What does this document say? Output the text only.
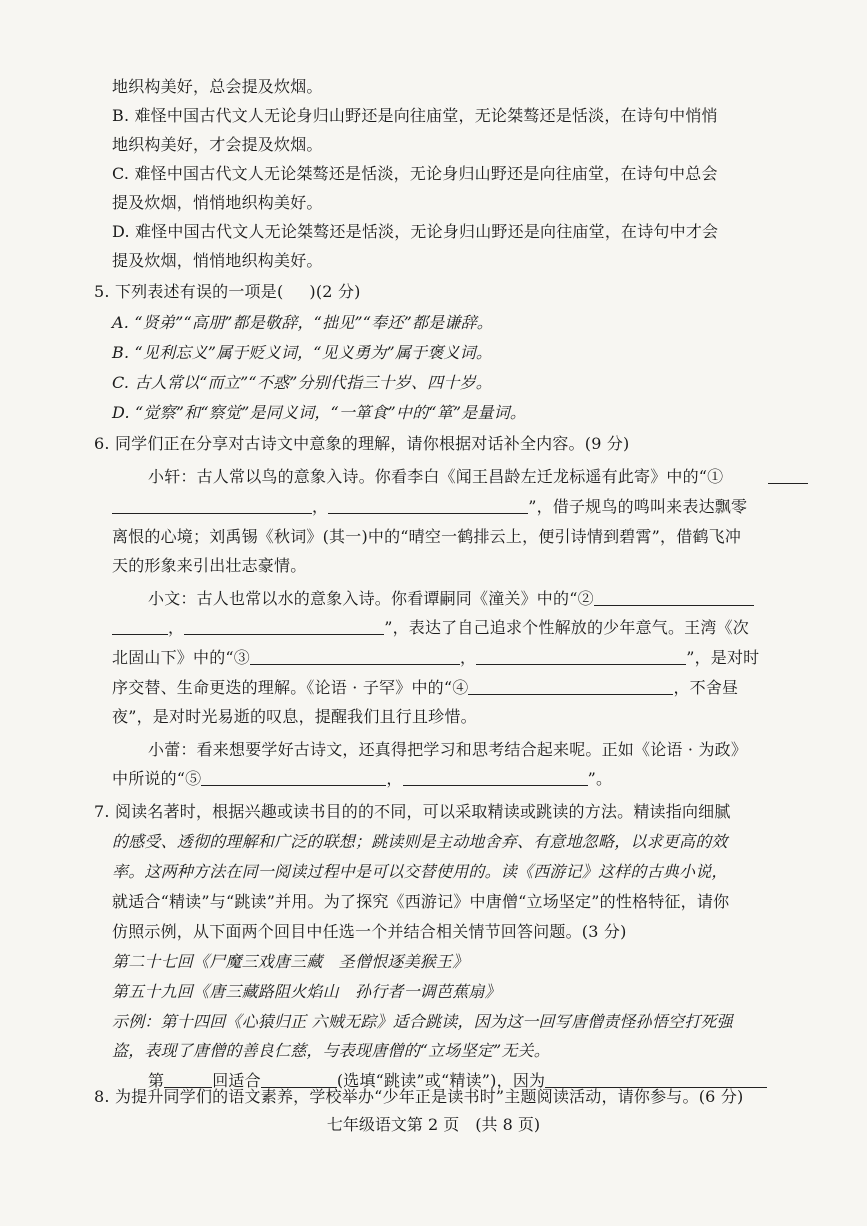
地织构美好，总会提及炊烟。
B. 难怪中国古代文人无论身归山野还是向往庙堂，无论桀骜还是恬淡，在诗句中悄悄
地织构美好，才会提及炊烟。
C. 难怪中国古代文人无论桀骜还是恬淡，无论身归山野还是向往庙堂，在诗句中总会
提及炊烟，悄悄地织构美好。
D. 难怪中国古代文人无论桀骜还是恬淡，无论身归山野还是向往庙堂，在诗句中才会
提及炊烟，悄悄地织构美好。
5. 下列表述有误的一项是( )(2 分)
A. “贤弟”“高朋”都是敬辞，“拙见”“奉还”都是谦辞。
B. “见利忘义”属于贬义词，“见义勇为”属于褒义词。
C. 古人常以“而立”“不惑”分别代指三十岁、四十岁。
D. “觉察”和“察觉”是同义词，“一箪食”中的“箪”是量词。
6. 同学们正在分享对古诗文中意象的理解，请你根据对话补全内容。(9 分)
小轩：古人常以鸟的意象入诗。你看李白《闻王昌龄左迁龙标遥有此寄》中的“①
，	”，借子规鸟的鸣叫来表达飘零
离恨的心境；刘禹锡《秋词》(其一)中的“晴空一鹤排云上，便引诗情到碧霄”，借鹤飞冲
天的形象来引出壮志豪情。
小文：古人也常以水的意象入诗。你看谭嗣同《潼关》中的“②
，	”，表达了自己追求个性解放的少年意气。王湾《次
北固山下》中的“③	，	”，是对时
序交替、生命更迭的理解。《论语 · 子罕》中的“④	，不舍昼
夜”，是对时光易逝的叹息，提醒我们且行且珍惜。
小蕾：看来想要学好古诗文，还真得把学习和思考结合起来呢。正如《论语 · 为政》
中所说的“⑤	，	”。
7. 阅读名著时，根据兴趣或读书目的的不同，可以采取精读或跳读的方法。精读指向细腻
的感受、透彻的理解和广泛的联想；跳读则是主动地舍弃、有意地忽略，以求更高的效
率。这两种方法在同一阅读过程中是可以交替使用的。读《西游记》这样的古典小说，
就适合“精读”与“跳读”并用。为了探究《西游记》中唐僧“立场坚定”的性格特征，请你
仿照示例，从下面两个回目中任选一个并结合相关情节回答问题。(3 分)
第二十七回《尸魔三戏唐三藏　圣僧恨逐美猴王》
第五十九回《唐三藏路阻火焰山　孙行者一调芭蕉扇》
示例：第十四回《心猿归正 六贼无踪》适合跳读，因为这一回写唐僧责怪孙悟空打死强
盗，表现了唐僧的善良仁慈，与表现唐僧的“立场坚定”无关。
第	回适合	(选填“跳读”或“精读”)，因为
8. 为提升同学们的语文素养，学校举办“少年正是读书时”主题阅读活动，请你参与。(6 分)
七年级语文第 2 页　(共 8 页)
